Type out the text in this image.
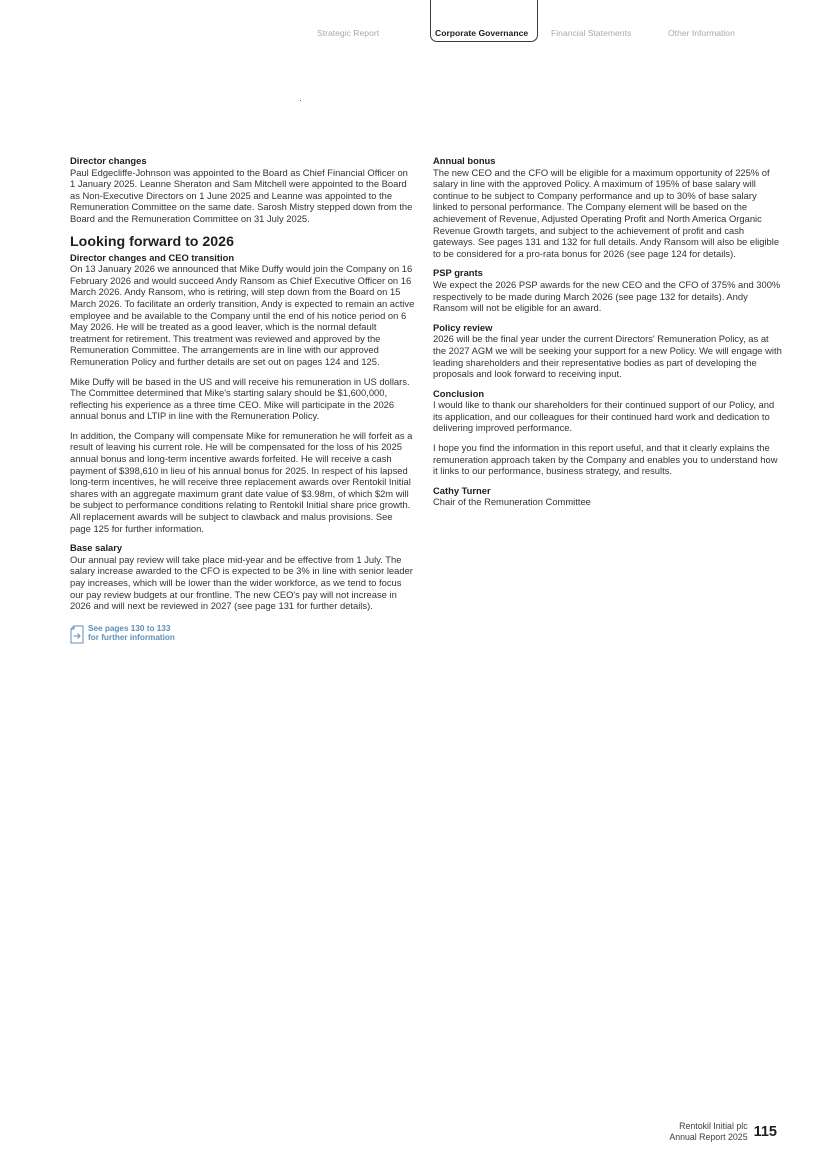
Strategic Report	Corporate Governance	Financial Statements	Other Information

Director changes

Paul Edgecliffe-Johnson was appointed to the Board as Chief Financial Officer on 1 January 2025. Leanne Sheraton and Sam Mitchell were appointed to the Board as Non-Executive Directors on 1 June 2025 and Leanne was appointed to the Remuneration Committee on the same date. Sarosh Mistry stepped down from the Board and the Remuneration Committee on 31 July 2025.

Looking forward to 2026

Director changes and CEO transition

On 13 January 2026 we announced that Mike Duffy would join the Company on 16 February 2026 and would succeed Andy Ransom as Chief Executive Officer on 16 March 2026. Andy Ransom, who is retiring, will step down from the Board on 15 March 2026. To facilitate an orderly transition, Andy is expected to remain an active employee and be available to the Company until the end of his notice period on 6 May 2026. He will be treated as a good leaver, which is the normal default treatment for retirement. This treatment was reviewed and approved by the Remuneration Committee. The arrangements are in line with our approved Remuneration Policy and further details are set out on pages 124 and 125.

Mike Duffy will be based in the US and will receive his remuneration in US dollars. The Committee determined that Mike's starting salary should be $1,600,000, reflecting his experience as a three time CEO. Mike will participate in the 2026 annual bonus and LTIP in line with the Remuneration Policy.

In addition, the Company will compensate Mike for remuneration he will forfeit as a result of leaving his current role. He will be compensated for the loss of his 2025 annual bonus and long-term incentive awards forfeited. He will receive a cash payment of $398,610 in lieu of his annual bonus for 2025. In respect of his lapsed long-term incentives, he will receive three replacement awards over Rentokil Initial shares with an aggregate maximum grant date value of $3.98m, of which $2m will be subject to performance conditions relating to Rentokil Initial share price growth. All replacement awards will be subject to clawback and malus provisions. See page 125 for further information.

Base salary

Our annual pay review will take place mid-year and be effective from 1 July. The salary increase awarded to the CFO is expected to be 3% in line with senior leader pay increases, which will be lower than the wider workforce, as we tend to focus our pay review budgets at our frontline. The new CEO's pay will not increase in 2026 and will next be reviewed in 2027 (see page 131 for further details).

See pages 130 to 133
for further information

Annual bonus

The new CEO and the CFO will be eligible for a maximum opportunity of 225% of salary in line with the approved Policy. A maximum of 195% of base salary will continue to be subject to Company performance and up to 30% of base salary linked to personal performance. The Company element will be based on the achievement of Revenue, Adjusted Operating Profit and North America Organic Revenue Growth targets, and subject to the achievement of profit and cash gateways. See pages 131 and 132 for full details. Andy Ransom will also be eligible to be considered for a pro-rata bonus for 2026 (see page 124 for details).

PSP grants

We expect the 2026 PSP awards for the new CEO and the CFO of 375% and 300% respectively to be made during March 2026 (see page 132 for details). Andy Ransom will not be eligible for an award.

Policy review

2026 will be the final year under the current Directors' Remuneration Policy, as at the 2027 AGM we will be seeking your support for a new Policy. We will engage with leading shareholders and their representative bodies as part of developing the proposals and look forward to receiving input.

Conclusion

I would like to thank our shareholders for their continued support of our Policy, and its application, and our colleagues for their continued hard work and dedication to delivering improved performance.

I hope you find the information in this report useful, and that it clearly explains the remuneration approach taken by the Company and enables you to understand how it links to our performance, business strategy, and results.

Cathy Turner

Chair of the Remuneration Committee

Rentokil Initial plc
Annual Report 2025 115
